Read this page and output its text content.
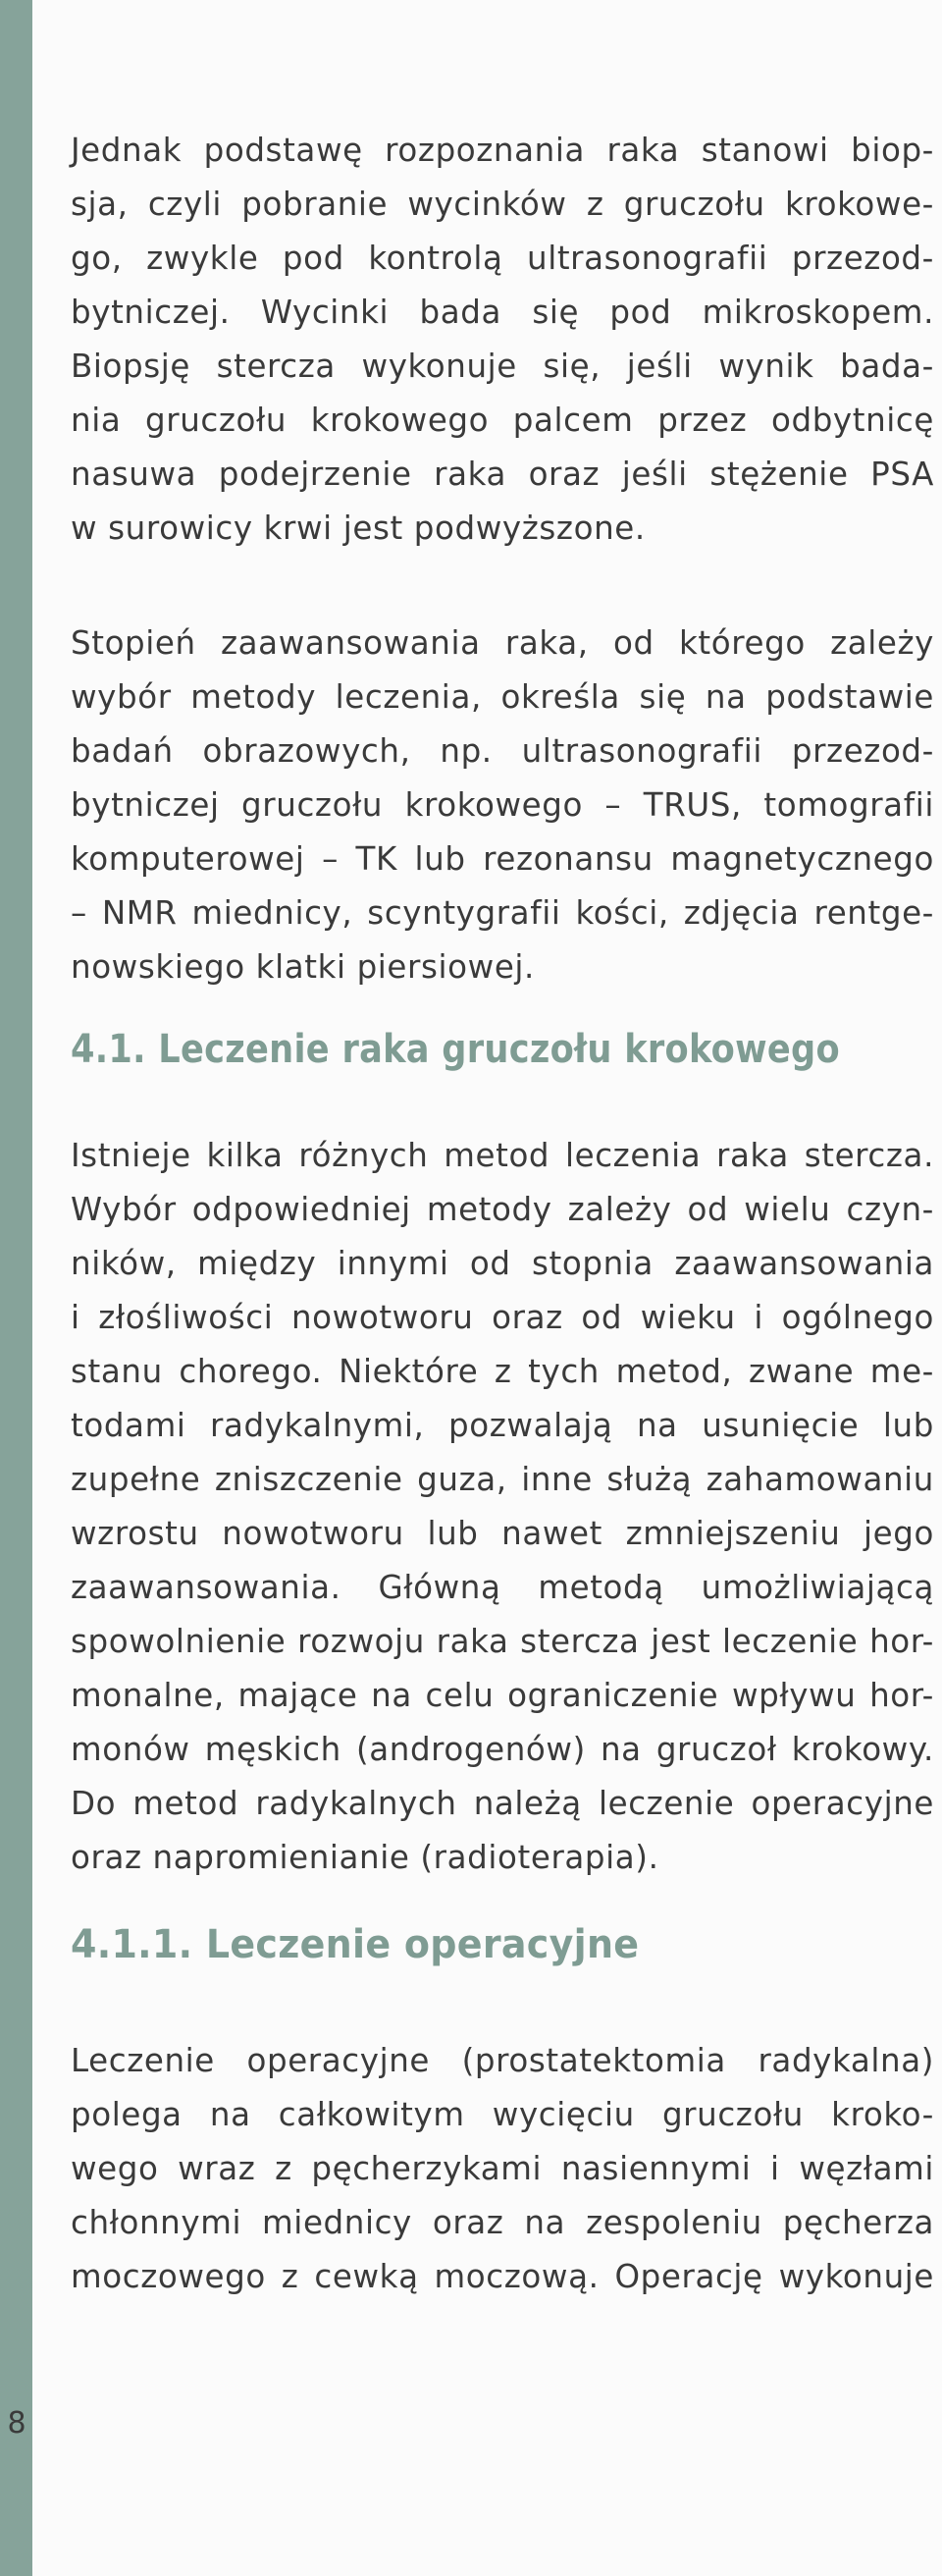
8
Jednak podstawę rozpoznania raka stanowi biop-
sja, czyli pobranie wycinków z gruczołu krokowe-
go, zwykle pod kontrolą ultrasonografii przezod-
bytniczej. Wycinki bada się pod mikroskopem.
Biopsję stercza wykonuje się, jeśli wynik bada-
nia gruczołu krokowego palcem przez odbytnicę
nasuwa podejrzenie raka oraz jeśli stężenie PSA
w surowicy krwi jest podwyższone.
Stopień zaawansowania raka, od którego zależy
wybór metody leczenia, określa się na podstawie
badań obrazowych, np. ultrasonografii przezod-
bytniczej gruczołu krokowego – TRUS, tomografii
komputerowej – TK lub rezonansu magnetycznego
– NMR miednicy, scyntygrafii kości, zdjęcia rentge-
nowskiego klatki piersiowej.
4.1. Leczenie raka gruczołu krokowego
Istnieje kilka różnych metod leczenia raka stercza.
Wybór odpowiedniej metody zależy od wielu czyn-
ników, między innymi od stopnia zaawansowania
i złośliwości nowotworu oraz od wieku i ogólnego
stanu chorego. Niektóre z tych metod, zwane me-
todami radykalnymi, pozwalają na usunięcie lub
zupełne zniszczenie guza, inne służą zahamowaniu
wzrostu nowotworu lub nawet zmniejszeniu jego
zaawansowania. Główną metodą umożliwiającą
spowolnienie rozwoju raka stercza jest leczenie hor-
monalne, mające na celu ograniczenie wpływu hor-
monów męskich (androgenów) na gruczoł krokowy.
Do metod radykalnych należą leczenie operacyjne
oraz napromienianie (radioterapia).
4.1.1. Leczenie operacyjne
Leczenie operacyjne (prostatektomia radykalna)
polega na całkowitym wycięciu gruczołu kroko-
wego wraz z pęcherzykami nasiennymi i węzłami
chłonnymi miednicy oraz na zespoleniu pęcherza
moczowego z cewką moczową. Operację wykonuje
